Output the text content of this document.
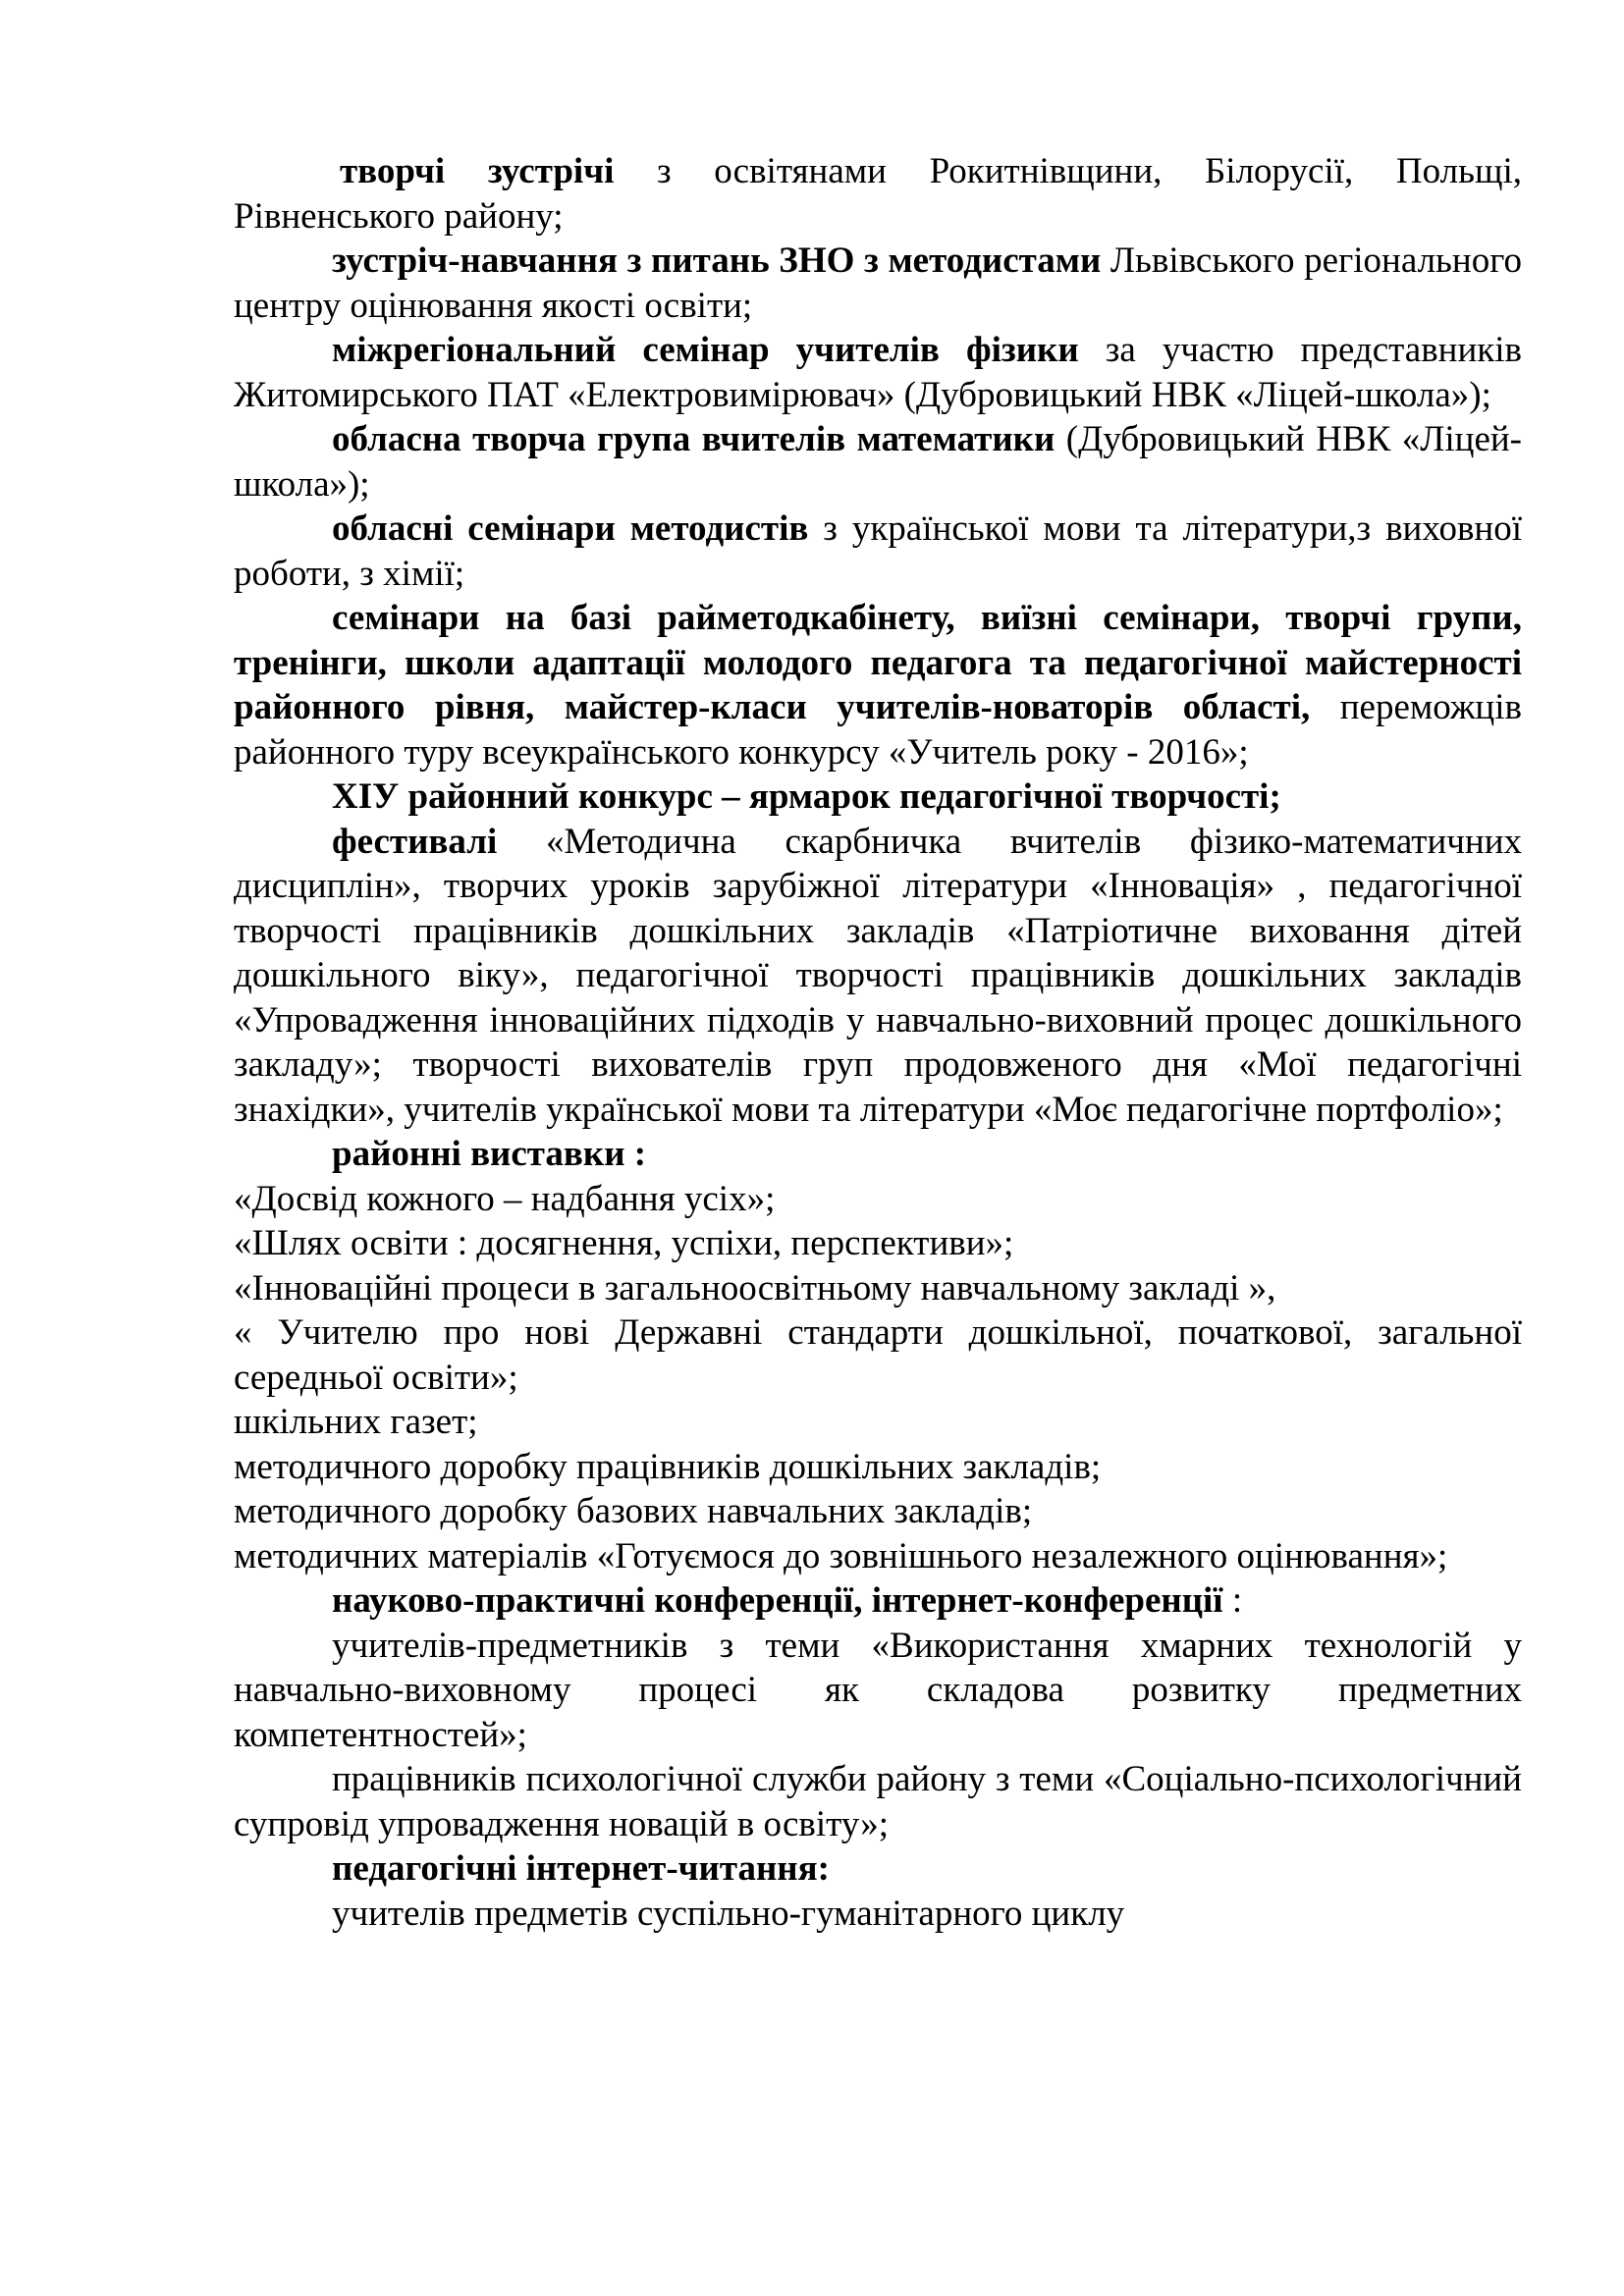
творчі зустрічі з освітянами Рокитнівщини, Білорусії, Польщі, Рівненського району;

зустріч-навчання з питань ЗНО з методистами Львівського регіонального центру оцінювання якості освіти;

міжрегіональний семінар учителів фізики за участю представників Житомирського ПАТ «Електровимірювач» (Дубровицький НВК «Ліцей-школа»);

обласна творча група вчителів математики (Дубровицький НВК «Ліцей-школа»);

обласні семінари методистів з української мови та літератури,з виховної роботи, з хімії;

семінари на базі райметодкабінету, виїзні семінари, творчі групи, тренінги, школи адаптації молодого педагога та педагогічної майстерності районного рівня, майстер-класи учителів-новаторів області, переможців районного туру всеукраїнського конкурсу «Учитель року - 2016»;

ХІУ районний конкурс – ярмарок педагогічної творчості;

фестивалі «Методична скарбничка вчителів фізико-математичних дисциплін», творчих уроків зарубіжної літератури «Інновація» , педагогічної творчості працівників дошкільних закладів «Патріотичне виховання дітей дошкільного віку», педагогічної творчості працівників дошкільних закладів «Упровадження інноваційних підходів у навчально-виховний процес дошкільного закладу»; творчості вихователів груп продовженого дня «Мої педагогічні знахідки», учителів української мови та літератури «Моє педагогічне портфоліо»;

районні виставки :

«Досвід кожного – надбання усіх»;

«Шлях освіти : досягнення, успіхи, перспективи»;

«Інноваційні процеси в загальноосвітньому навчальному закладі »,

« Учителю про нові Державні стандарти дошкільної, початкової, загальної середньої освіти»;

шкільних газет;

методичного доробку працівників дошкільних закладів;

методичного доробку базових навчальних закладів;

методичних матеріалів «Готуємося до зовнішнього незалежного оцінювання»;

науково-практичні конференції, інтернет-конференції :

учителів-предметників з теми «Використання хмарних технологій у навчально-виховному процесі як складова розвитку предметних компетентностей»;

працівників психологічної служби району з теми «Соціально-психологічний супровід упровадження новацій в освіту»;

педагогічні інтернет-читання:

учителів предметів суспільно-гуманітарного циклу
